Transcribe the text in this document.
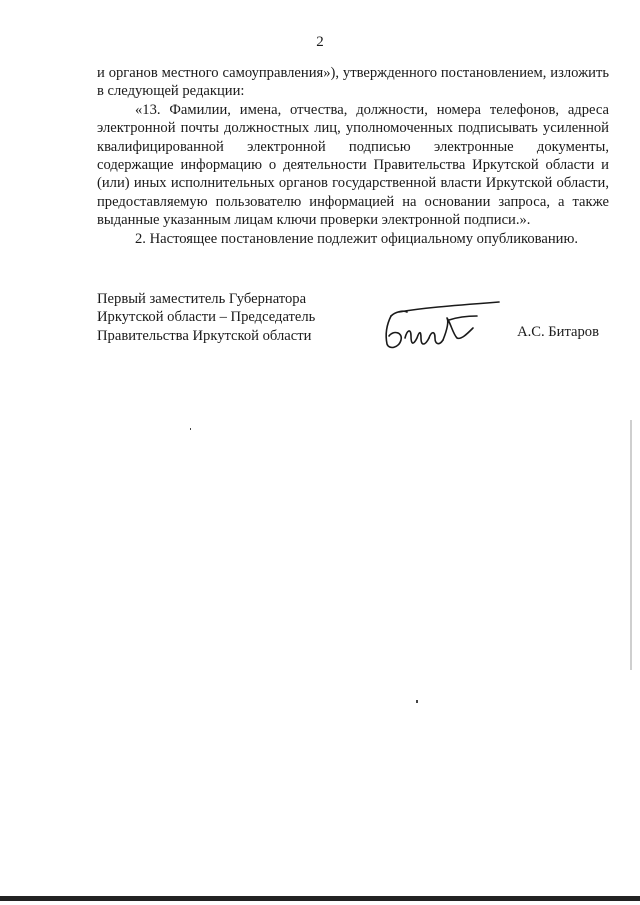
2

и органов местного самоуправления»), утвержденного постановлением, изложить в следующей редакции:

«13. Фамилии, имена, отчества, должности, номера телефонов, адреса электронной почты должностных лиц, уполномоченных подписывать усиленной квалифицированной электронной подписью электронные документы, содержащие информацию о деятельности Правительства Иркутской области и (или) иных исполнительных органов государственной власти Иркутской области, предоставляемую пользователю информацией на основании запроса, а также выданные указанным лицам ключи проверки электронной подписи.».

2. Настоящее постановление подлежит официальному опубликованию.

Первый заместитель Губернатора
Иркутской области – Председатель
Правительства Иркутской области	А.С. Битаров
